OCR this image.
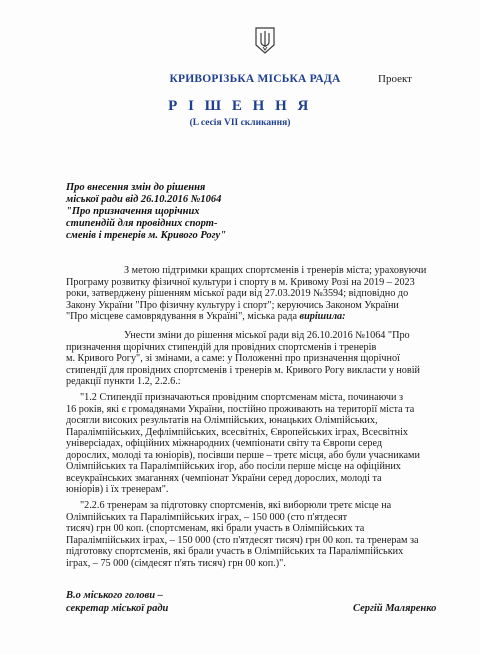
КРИВОРІЗЬКА МІСЬКА РАДА	Проект
Р І Ш Е Н Н Я
(L сесія VII скликання)
Про внесення змін до рішення
міської ради від 26.10.2016 №1064
"Про призначення щорічних
стипендій для провідних спорт-
сменів і тренерів м. Кривого Рогу"
З метою підтримки кращих спортсменів і тренерів міста; ураховуючи
Програму розвитку фізичної культури і спорту в м. Кривому Розі на 2019 – 2023
роки, затверджену рішенням міської ради від 27.03.2019 №3594; відповідно до
Закону України "Про фізичну культуру і спорт"; керуючись Законом України
"Про місцеве самоврядування в Україні", міська рада вирішила:
Унести зміни до рішення міської ради від 26.10.2016 №1064 "Про
призначення щорічних стипендій для провідних спортсменів і тренерів
м. Кривого Рогу", зі змінами, а саме: у Положенні про призначення щорічної
стипендії для провідних спортсменів і тренерів м. Кривого Рогу викласти у новій
редакції пункти 1.2, 2.2.6.:
"1.2 Стипендії призначаються провідним спортсменам міста, починаючи з
16 років, які є громадянами України, постійно проживають на території міста та
досягли високих результатів на Олімпійських, юнацьких Олімпійських,
Паралімпійських, Дефлімпійських, всесвітніх, Європейських іграх, Всесвітніх
універсіадах, офіційних міжнародних (чемпіонати світу та Європи серед
дорослих, молоді та юніорів), посівши перше – третє місця, або були учасниками
Олімпійських та Паралімпійських ігор, або посіли перше місце на офіційних
всеукраїнських змаганнях (чемпіонат України серед дорослих, молоді та
юніорів) і їх тренерам".
"2.2.6 тренерам за підготовку спортсменів, які виборюли третє місце на
Олімпійських та Паралімпійських іграх, – 150 000 (сто п'ятдесят
тисяч) грн 00 коп. (спортсменам, які брали участь в Олімпійських та
Паралімпійських іграх, – 150 000 (сто п'ятдесят тисяч) грн 00 коп. та тренерам за
підготовку спортсменів, які брали участь в Олімпійських та Паралімпійських
іграх, – 75 000 (сімдесят п'ять тисяч) грн 00 коп.)".
В.о міського голови –
секретар міської ради	Сергій Маляренко
